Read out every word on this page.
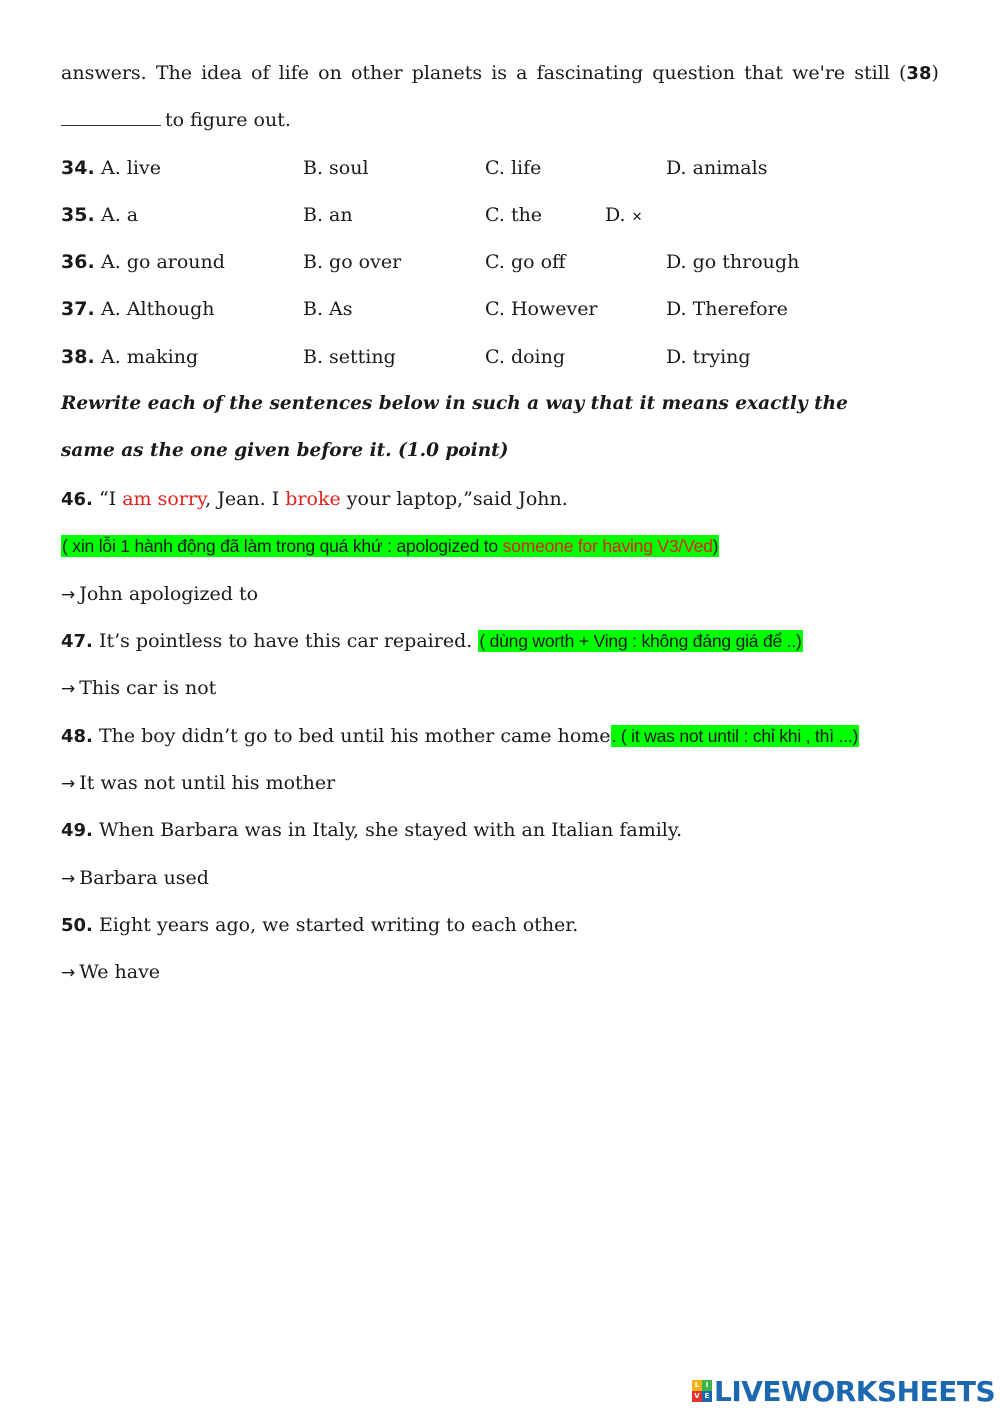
answers. The idea of life on other planets is a fascinating question that we're still (38)
to figure out.
34. A. live	B. soul	C. life	D. animals
35. A. a	B. an	C. the	D. ✕
36. A. go around	B. go over	C. go off	D. go through
37. A. Although	B. As	C. However	D. Therefore
38. A. making	B. setting	C. doing	D. trying
Rewrite each of the sentences below in such a way that it means exactly the
same as the one given before it. (1.0 point)
46. “I am sorry, Jean. I broke your laptop,”said John.
( xin lỗi 1 hành động đã làm trong quá khứ : apologized to someone for having V3/Ved)
→ John apologized to
47. It’s pointless to have this car repaired. ( dùng worth + Ving : không đáng giá để ..)
→ This car is not
48. The boy didn’t go to bed until his mother came home. ( it was not until : chỉ khi , thì ...)
→ It was not until his mother
49. When Barbara was in Italy, she stayed with an Italian family.
→ Barbara used
50. Eight years ago, we started writing to each other.
→ We have
L I
V E LIVEWORKSHEETS
